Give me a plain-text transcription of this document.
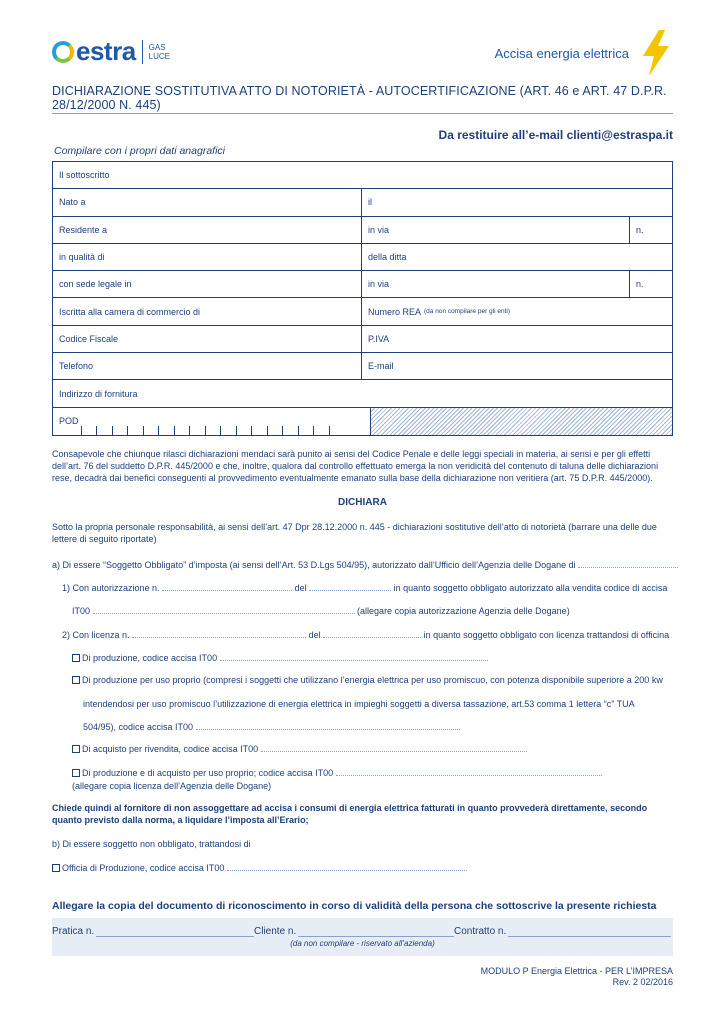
estra GAS
LUCE	Accisa energia elettrica
DICHIARAZIONE SOSTITUTIVA ATTO DI NOTORIETÀ - AUTOCERTIFICAZIONE (ART. 46 e ART. 47 D.P.R. 28/12/2000 N. 445)
Da restituire all’e-mail clienti@estraspa.it
Compilare con i propri dati anagrafici
Il sottoscritto
Nato a	il
Residente a	in via	n.
in qualità di	della ditta
con sede legale in	in via	n.
Iscritta alla camera di commercio di	Numero REA (da non compilare per gli enti)
Codice Fiscale	P.IVA
Telefono	E-mail
Indirizzo di fornitura
POD
Consapevole che chiunque rilasci dichiarazioni mendaci sarà punito ai sensi del Codice Penale e delle leggi speciali in materia, ai sensi e per gli effetti dell’art. 76 del suddetto D.P.R. 445/2000 e che, inoltre, qualora dal controllo effettuato emerga la non veridicità del contenuto di taluna delle dichiarazioni rese, decadrà dai benefici conseguenti al provvedimento eventualmente emanato sulla base della dichiarazione non veritiera (art. 75 D.P.R. 445/2000).
DICHIARA
Sotto la propria personale responsabilità, ai sensi dell’art. 47 Dpr 28.12.2000 n. 445 - dichiarazioni sostitutive dell’atto di notorietà (barrare una delle due lettere di seguito riportate)
a) Di essere “Soggetto Obbligato” d’imposta (ai sensi dell’Art. 53 D.Lgs 504/95), autorizzato dall’Ufficio dell’Agenzia delle Dogane di
1) Con autorizzazione n.	del	in quanto soggetto obbligato autorizzato alla vendita codice di accisa
IT00	(allegare copia autorizzazione Agenzia delle Dogane)
2) Con licenza n.	del	in quanto soggetto obbligato con licenza trattandosi di officina
Di produzione, codice accisa IT00
Di produzione per uso proprio (compresi i soggetti che utilizzano l’energia elettrica per uso promiscuo, con potenza disponibile superiore a 200 kw
intendendosi per uso promiscuo l’utilizzazione di energia elettrica in impieghi soggetti a diversa tassazione, art.53 comma 1 lettera “c” TUA
504/95), codice accisa IT00
Di acquisto per rivendita, codice accisa IT00
Di produzione e di acquisto per uso proprio; codice accisa IT00
(allegare copia licenza dell’Agenzia delle Dogane)
Chiede quindi al fornitore di non assoggettare ad accisa i consumi di energia elettrica fatturati in quanto provvederà direttamente, secondo quanto previsto dalla norma, a liquidare l’imposta all’Erario;
b) Di essere soggetto non obbligato, trattandosi di
Officia di Produzione, codice accisa IT00
Allegare la copia del documento di riconoscimento in corso di validità della persona che sottoscrive la presente richiesta
Pratica n.	Cliente n.	Contratto n.
(da non compilare - riservato all’azienda)
MODULO P Energia Elettrica - PER L’IMPRESA
Rev. 2 02/2016
